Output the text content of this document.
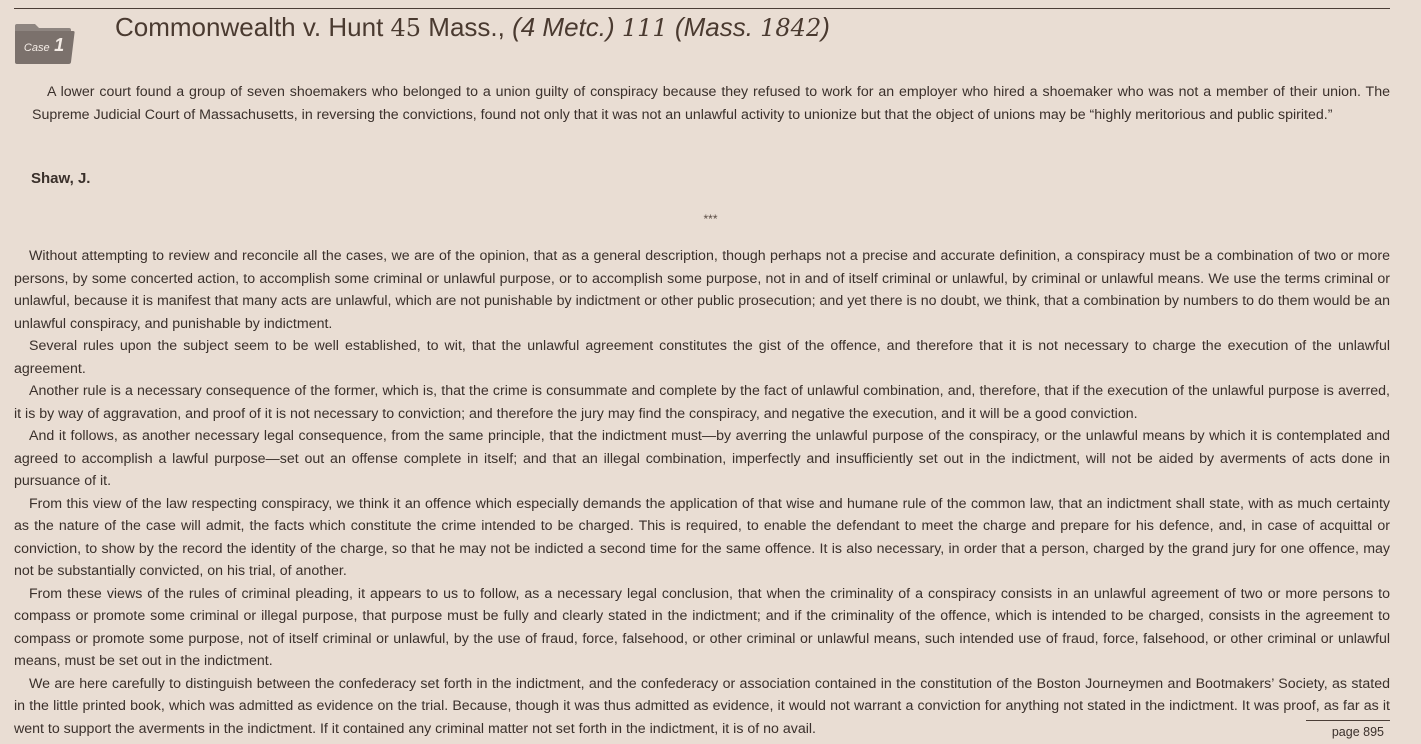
Case 1
Commonwealth v. Hunt 45 Mass., (4 Metc.) 111 (Mass. 1842)
A lower court found a group of seven shoemakers who belonged to a union guilty of conspiracy because they refused to work for an employer who hired a shoemaker who was not a member of their union. The Supreme Judicial Court of Massachusetts, in reversing the convictions, found not only that it was not an unlawful activity to unionize but that the object of unions may be “highly meritorious and public spirited.”
Shaw, J.
***

Without attempting to review and reconcile all the cases, we are of the opinion, that as a general description, though perhaps not a precise and accurate definition, a conspiracy must be a combination of two or more persons, by some concerted action, to accomplish some criminal or unlawful purpose, or to accomplish some purpose, not in and of itself criminal or unlawful, by criminal or unlawful means. We use the terms criminal or unlawful, because it is manifest that many acts are unlawful, which are not punishable by indictment or other public prosecution; and yet there is no doubt, we think, that a combination by numbers to do them would be an unlawful conspiracy, and punishable by indictment.

Several rules upon the subject seem to be well established, to wit, that the unlawful agreement constitutes the gist of the offence, and therefore that it is not necessary to charge the execution of the unlawful agreement.

Another rule is a necessary consequence of the former, which is, that the crime is consummate and complete by the fact of unlawful combination, and, therefore, that if the execution of the unlawful purpose is averred, it is by way of aggravation, and proof of it is not necessary to conviction; and therefore the jury may find the conspiracy, and negative the execution, and it will be a good conviction.

And it follows, as another necessary legal consequence, from the same principle, that the indictment must—by averring the unlawful purpose of the conspiracy, or the unlawful means by which it is contemplated and agreed to accomplish a lawful purpose—set out an offense complete in itself; and that an illegal combination, imperfectly and insufficiently set out in the indictment, will not be aided by averments of acts done in pursuance of it.

From this view of the law respecting conspiracy, we think it an offence which especially demands the application of that wise and humane rule of the common law, that an indictment shall state, with as much certainty as the nature of the case will admit, the facts which constitute the crime intended to be charged. This is required, to enable the defendant to meet the charge and prepare for his defence, and, in case of acquittal or conviction, to show by the record the identity of the charge, so that he may not be indicted a second time for the same offence. It is also necessary, in order that a person, charged by the grand jury for one offence, may not be substantially convicted, on his trial, of another.

From these views of the rules of criminal pleading, it appears to us to follow, as a necessary legal conclusion, that when the criminality of a conspiracy consists in an unlawful agreement of two or more persons to compass or promote some criminal or illegal purpose, that purpose must be fully and clearly stated in the indictment; and if the criminality of the offence, which is intended to be charged, consists in the agreement to compass or promote some purpose, not of itself criminal or unlawful, by the use of fraud, force, falsehood, or other criminal or unlawful means, such intended use of fraud, force, falsehood, or other criminal or unlawful means, must be set out in the indictment.

We are here carefully to distinguish between the confederacy set forth in the indictment, and the confederacy or association contained in the constitution of the Boston Journeymen and Bootmakers’ Society, as stated in the little printed book, which was admitted as evidence on the trial. Because, though it was thus admitted as evidence, it would not warrant a conviction for anything not stated in the indictment. It was proof, as far as it went to support the averments in the indictment. If it contained any criminal matter not set forth in the indictment, it is of no avail.	page 895
